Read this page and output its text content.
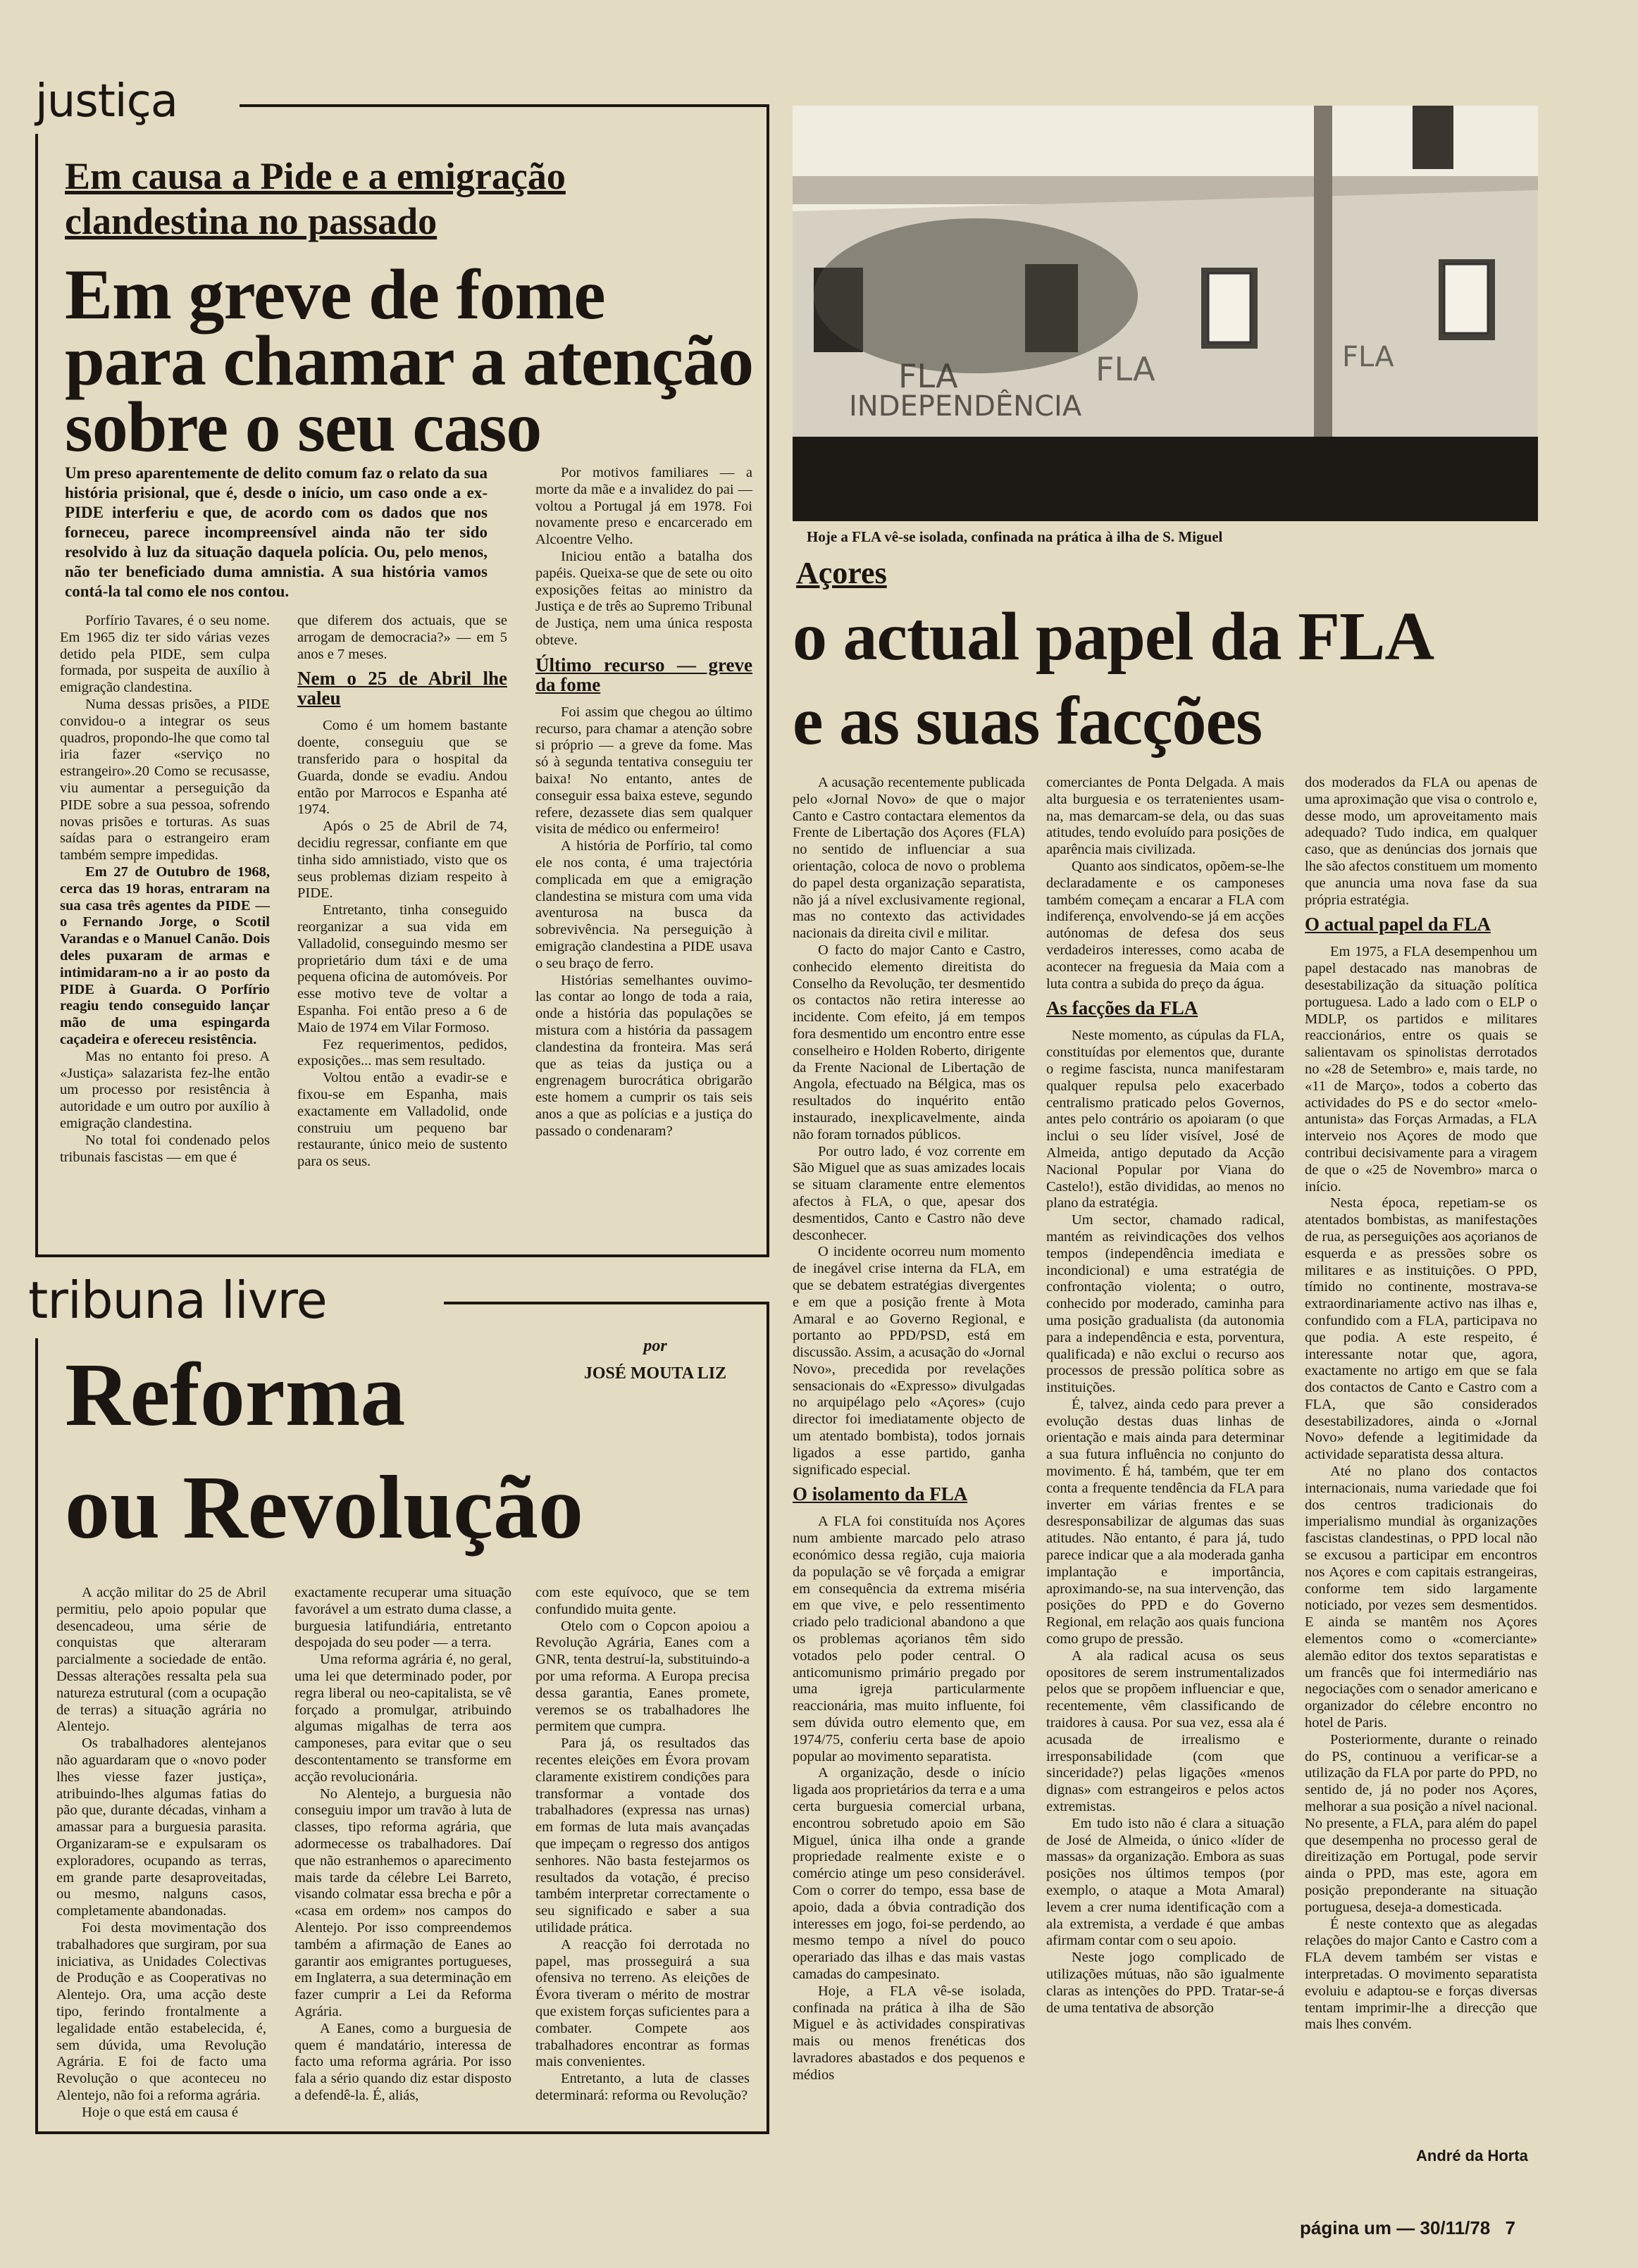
justiça
Em causa a Pide e a emigração clandestina no passado
Em greve de fome para chamar a atenção sobre o seu caso
Um preso aparentemente de delito comum faz o relato da sua história prisional, que é, desde o início, um caso onde a ex-PIDE interferiu e que, de acordo com os dados que nos forneceu, parece incompreensível ainda não ter sido resolvido à luz da situação daquela polícia. Ou, pelo menos, não ter beneficiado duma amnistia. A sua história vamos contá-la tal como ele nos contou.

Porfírio Tavares, é o seu nome. Em 1965 diz ter sido várias vezes detido pela PIDE, sem culpa formada, por suspeita de auxílio à emigração clandestina.

Numa dessas prisões, a PIDE convidou-o a integrar os seus quadros, propondo-lhe que como tal iria fazer «serviço no estrangeiro».20 Como se recusasse, viu aumentar a perseguição da PIDE sobre a sua pessoa, sofrendo novas prisões e torturas. As suas saídas para o estrangeiro eram também sempre impedidas.

Em 27 de Outubro de 1968, cerca das 19 horas, entraram na sua casa três agentes da PIDE — o Fernando Jorge, o Scotil Varandas e o Manuel Canão. Dois deles puxaram de armas e intimidaram-no a ir ao posto da PIDE à Guarda. O Porfírio reagiu tendo conseguido lançar mão de uma espingarda caçadeira e ofereceu resistência.

Mas no entanto foi preso. A «Justiça» salazarista fez-lhe então um processo por resistência à autoridade e um outro por auxílio à emigração clandestina.

No total foi condenado pelos tribunais fascistas — em que é

que diferem dos actuais, que se arrogam de democracia?» — em 5 anos e 7 meses.

Nem o 25 de Abril lhe valeu

Como é um homem bastante doente, conseguiu que se transferido para o hospital da Guarda, donde se evadiu. Andou então por Marrocos e Espanha até 1974.

Após o 25 de Abril de 74, decidiu regressar, confiante em que tinha sido amnistiado, visto que os seus problemas diziam respeito à PIDE.

Entretanto, tinha conseguido reorganizar a sua vida em Valladolid, conseguindo mesmo ser proprietário dum táxi e de uma pequena oficina de automóveis. Por esse motivo teve de voltar a Espanha. Foi então preso a 6 de Maio de 1974 em Vilar Formoso.

Fez requerimentos, pedidos, exposições... mas sem resultado.

Voltou então a evadir-se e fixou-se em Espanha, mais exactamente em Valladolid, onde construiu um pequeno bar restaurante, único meio de sustento para os seus.

Por motivos familiares — a morte da mãe e a invalidez do pai — voltou a Portugal já em 1978. Foi novamente preso e encarcerado em Alcoentre Velho.

Iniciou então a batalha dos papéis. Queixa-se que de sete ou oito exposições feitas ao ministro da Justiça e de três ao Supremo Tribunal de Justiça, nem uma única resposta obteve.

Último recurso — greve da fome

Foi assim que chegou ao último recurso, para chamar a atenção sobre si próprio — a greve da fome. Mas só à segunda tentativa conseguiu ter baixa! No entanto, antes de conseguir essa baixa esteve, segundo refere, dezassete dias sem qualquer visita de médico ou enfermeiro!

A história de Porfírio, tal como ele nos conta, é uma trajectória complicada em que a emigração clandestina se mistura com uma vida aventurosa na busca da sobrevivência. Na perseguição à emigração clandestina a PIDE usava o seu braço de ferro.

Histórias semelhantes ouvimo-las contar ao longo de toda a raia, onde a história das populações se mistura com a história da passagem clandestina da fronteira. Mas será que as teias da justiça ou a engrenagem burocrática obrigarão este homem a cumprir os tais seis anos a que as polícias e a justiça do passado o condenaram?

tribuna livre
por
JOSÉ MOUTA LIZ
Reforma
ou Revolução

A acção militar do 25 de Abril permitiu, pelo apoio popular que desencadeou, uma série de conquistas que alteraram parcialmente a sociedade de então. Dessas alterações ressalta pela sua natureza estrutural (com a ocupação de terras) a situação agrária no Alentejo.

Os trabalhadores alentejanos não aguardaram que o «novo poder lhes viesse fazer justiça», atribuindo-lhes algumas fatias do pão que, durante décadas, vinham a amassar para a burguesia parasita. Organizaram-se e expulsaram os exploradores, ocupando as terras, em grande parte desaproveitadas, ou mesmo, nalguns casos, completamente abandonadas.

Foi desta movimentação dos trabalhadores que surgiram, por sua iniciativa, as Unidades Colectivas de Produção e as Cooperativas no Alentejo. Ora, uma acção deste tipo, ferindo frontalmente a legalidade então estabelecida, é, sem dúvida, uma Revolução Agrária. E foi de facto uma Revolução o que aconteceu no Alentejo, não foi a reforma agrária.

Hoje o que está em causa é

exactamente recuperar uma situação favorável a um estrato duma classe, a burguesia latifundiária, entretanto despojada do seu poder — a terra.

Uma reforma agrária é, no geral, uma lei que determinado poder, por regra liberal ou neo-capitalista, se vê forçado a promulgar, atribuindo algumas migalhas de terra aos camponeses, para evitar que o seu descontentamento se transforme em acção revolucionária.

No Alentejo, a burguesia não conseguiu impor um travão à luta de classes, tipo reforma agrária, que adormecesse os trabalhadores. Daí que não estranhemos o aparecimento mais tarde da célebre Lei Barreto, visando colmatar essa brecha e pôr a «casa em ordem» nos campos do Alentejo. Por isso compreendemos também a afirmação de Eanes ao garantir aos emigrantes portugueses, em Inglaterra, a sua determinação em fazer cumprir a Lei da Reforma Agrária.

A Eanes, como a burguesia de quem é mandatário, interessa de facto uma reforma agrária. Por isso fala a sério quando diz estar disposto a defendê-la. É, aliás,

com este equívoco, que se tem confundido muita gente.

Otelo com o Copcon apoiou a Revolução Agrária, Eanes com a GNR, tenta destruí-la, substituindo-a por uma reforma. A Europa precisa dessa garantia, Eanes promete, veremos se os trabalhadores lhe permitem que cumpra.

Para já, os resultados das recentes eleições em Évora provam claramente existirem condições para transformar a vontade dos trabalhadores (expressa nas urnas) em formas de luta mais avançadas que impeçam o regresso dos antigos senhores. Não basta festejarmos os resultados da votação, é preciso também interpretar correctamente o seu significado e saber a sua utilidade prática.

A reacção foi derrotada no papel, mas prosseguirá a sua ofensiva no terreno. As eleições de Évora tiveram o mérito de mostrar que existem forças suficientes para a combater. Compete aos trabalhadores encontrar as formas mais convenientes.

Entretanto, a luta de classes determinará: reforma ou Revolução?

FLA
INDEPENDÊNCIA
FLA	FLA
Hoje a FLA vê-se isolada, confinada na prática à ilha de S. Miguel
Açores
o actual papel da FLA
e as suas facções

A acusação recentemente publicada pelo «Jornal Novo» de que o major Canto e Castro contactara elementos da Frente de Libertação dos Açores (FLA) no sentido de influenciar a sua orientação, coloca de novo o problema do papel desta organização separatista, não já a nível exclusivamente regional, mas no contexto das actividades nacionais da direita civil e militar.

O facto do major Canto e Castro, conhecido elemento direitista do Conselho da Revolução, ter desmentido os contactos não retira interesse ao incidente. Com efeito, já em tempos fora desmentido um encontro entre esse conselheiro e Holden Roberto, dirigente da Frente Nacional de Libertação de Angola, efectuado na Bélgica, mas os resultados do inquérito então instaurado, inexplicavelmente, ainda não foram tornados públicos.

Por outro lado, é voz corrente em São Miguel que as suas amizades locais se situam claramente entre elementos afectos à FLA, o que, apesar dos desmentidos, Canto e Castro não deve desconhecer.

O incidente ocorreu num momento de inegável crise interna da FLA, em que se debatem estratégias divergentes e em que a posição frente à Mota Amaral e ao Governo Regional, e portanto ao PPD/PSD, está em discussão. Assim, a acusação do «Jornal Novo», precedida por revelações sensacionais do «Expresso» divulgadas no arquipélago pelo «Açores» (cujo director foi imediatamente objecto de um atentado bombista), todos jornais ligados a esse partido, ganha significado especial.

O isolamento da FLA

A FLA foi constituída nos Açores num ambiente marcado pelo atraso económico dessa região, cuja maioria da população se vê forçada a emigrar em consequência da extrema miséria em que vive, e pelo ressentimento criado pelo tradicional abandono a que os problemas açorianos têm sido votados pelo poder central. O anticomunismo primário pregado por uma igreja particularmente reaccionária, mas muito influente, foi sem dúvida outro elemento que, em 1974/75, conferiu certa base de apoio popular ao movimento separatista.

A organização, desde o início ligada aos proprietários da terra e a uma certa burguesia comercial urbana, encontrou sobretudo apoio em São Miguel, única ilha onde a grande propriedade realmente existe e o comércio atinge um peso considerável. Com o correr do tempo, essa base de apoio, dada a óbvia contradição dos interesses em jogo, foi-se perdendo, ao mesmo tempo a nível do pouco operariado das ilhas e das mais vastas camadas do campesinato.

Hoje, a FLA vê-se isolada, confinada na prática à ilha de São Miguel e às actividades conspirativas mais ou menos frenéticas dos lavradores abastados e dos pequenos e médios

comerciantes de Ponta Delgada. A mais alta burguesia e os terratenientes usam-na, mas demarcam-se dela, ou das suas atitudes, tendo evoluído para posições de aparência mais civilizada.

Quanto aos sindicatos, opõem-se-lhe declaradamente e os camponeses também começam a encarar a FLA com indiferença, envolvendo-se já em acções autónomas de defesa dos seus verdadeiros interesses, como acaba de acontecer na freguesia da Maia com a luta contra a subida do preço da água.

As facções da FLA

Neste momento, as cúpulas da FLA, constituídas por elementos que, durante o regime fascista, nunca manifestaram qualquer repulsa pelo exacerbado centralismo praticado pelos Governos, antes pelo contrário os apoiaram (o que inclui o seu líder visível, José de Almeida, antigo deputado da Acção Nacional Popular por Viana do Castelo!), estão divididas, ao menos no plano da estratégia.

Um sector, chamado radical, mantém as reivindicações dos velhos tempos (independência imediata e incondicional) e uma estratégia de confrontação violenta; o outro, conhecido por moderado, caminha para uma posição gradualista (da autonomia para a independência e esta, porventura, qualificada) e não exclui o recurso aos processos de pressão política sobre as instituições.

É, talvez, ainda cedo para prever a evolução destas duas linhas de orientação e mais ainda para determinar a sua futura influência no conjunto do movimento. É há, também, que ter em conta a frequente tendência da FLA para inverter em várias frentes e se desresponsabilizar de algumas das suas atitudes. Não entanto, é para já, tudo parece indicar que a ala moderada ganha implantação e importância, aproximando-se, na sua intervenção, das posições do PPD e do Governo Regional, em relação aos quais funciona como grupo de pressão.

A ala radical acusa os seus opositores de serem instrumentalizados pelos que se propõem influenciar e que, recentemente, vêm classificando de traidores à causa. Por sua vez, essa ala é acusada de irrealismo e irresponsabilidade (com que sinceridade?) pelas ligações «menos dignas» com estrangeiros e pelos actos extremistas.

Em tudo isto não é clara a situação de José de Almeida, o único «líder de massas» da organização. Embora as suas posições nos últimos tempos (por exemplo, o ataque a Mota Amaral) levem a crer numa identificação com a ala extremista, a verdade é que ambas afirmam contar com o seu apoio.

Neste jogo complicado de utilizações mútuas, não são igualmente claras as intenções do PPD. Tratar-se-á de uma tentativa de absorção

dos moderados da FLA ou apenas de uma aproximação que visa o controlo e, desse modo, um aproveitamento mais adequado? Tudo indica, em qualquer caso, que as denúncias dos jornais que lhe são afectos constituem um momento que anuncia uma nova fase da sua própria estratégia.

O actual papel da FLA

Em 1975, a FLA desempenhou um papel destacado nas manobras de desestabilização da situação política portuguesa. Lado a lado com o ELP o MDLP, os partidos e militares reaccionários, entre os quais se salientavam os spinolistas derrotados no «28 de Setembro» e, mais tarde, no «11 de Março», todos a coberto das actividades do PS e do sector «melo-antunista» das Forças Armadas, a FLA interveio nos Açores de modo que contribui decisivamente para a viragem de que o «25 de Novembro» marca o início.

Nesta época, repetiam-se os atentados bombistas, as manifestações de rua, as perseguições aos açorianos de esquerda e as pressões sobre os militares e as instituições. O PPD, tímido no continente, mostrava-se extraordinariamente activo nas ilhas e, confundido com a FLA, participava no que podia. A este respeito, é interessante notar que, agora, exactamente no artigo em que se fala dos contactos de Canto e Castro com a FLA, que são considerados desestabilizadores, ainda o «Jornal Novo» defende a legitimidade da actividade separatista dessa altura.

Até no plano dos contactos internacionais, numa variedade que foi dos centros tradicionais do imperialismo mundial às organizações fascistas clandestinas, o PPD local não se excusou a participar em encontros nos Açores e com capitais estrangeiras, conforme tem sido largamente noticiado, por vezes sem desmentidos. E ainda se mantêm nos Açores elementos como o «comerciante» alemão editor dos textos separatistas e um francês que foi intermediário nas negociações com o senador americano e organizador do célebre encontro no hotel de Paris.

Posteriormente, durante o reinado do PS, continuou a verificar-se a utilização da FLA por parte do PPD, no sentido de, já no poder nos Açores, melhorar a sua posição a nível nacional. No presente, a FLA, para além do papel que desempenha no processo geral de direitização em Portugal, pode servir ainda o PPD, mas este, agora em posição preponderante na situação portuguesa, deseja-a domesticada.

É neste contexto que as alegadas relações do major Canto e Castro com a FLA devem também ser vistas e interpretadas. O movimento separatista evoluiu e adaptou-se e forças diversas tentam imprimir-lhe a direcção que mais lhes convém.

André da Horta
página um — 30/11/78 7
